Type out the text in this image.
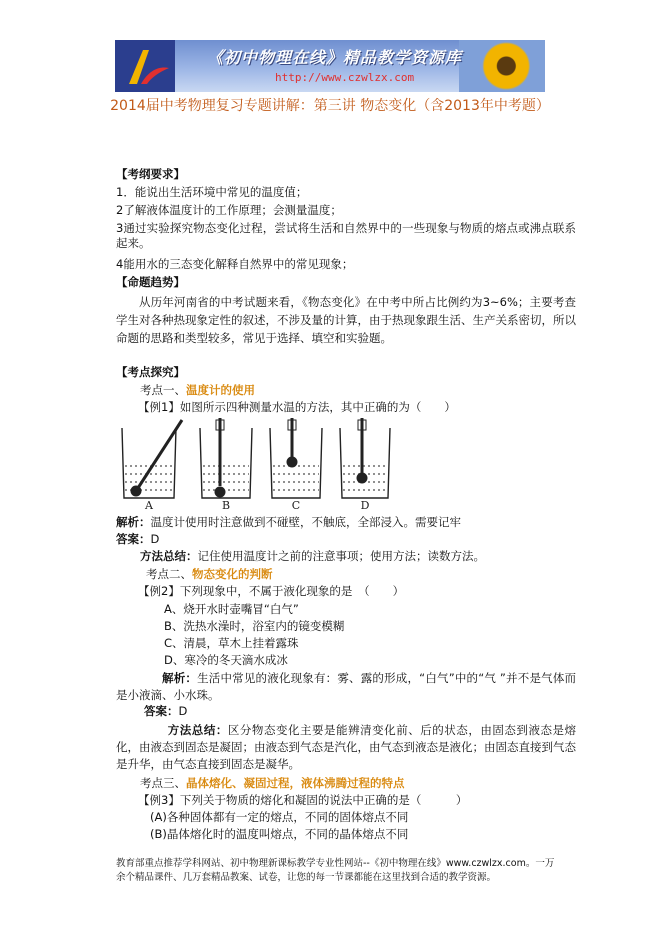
《初中物理在线》精品教学资源库
http://www.czwlzx.com
2014届中考物理复习专题讲解：第三讲 物态变化（含2013年中考题）
【考纲要求】
1．能说出生活环境中常见的温度值；
2了解液体温度计的工作原理；会测量温度；
3通过实验探究物态变化过程，尝试将生活和自然界中的一些现象与物质的熔点或沸点联系起来。
4能用水的三态变化解释自然界中的常见现象；
【命题趋势】
从历年河南省的中考试题来看，《物态变化》在中考中所占比例约为3~6%；主要考查学生对各种热现象定性的叙述，不涉及量的计算，由于热现象跟生活、生产关系密切，所以命题的思路和类型较多，常见于选择、填空和实验题。
【考点探究】
考点一、温度计的使用
【例1】如图所示四种测量水温的方法，其中正确的为（　　）
A	B	C	D
解析：温度计使用时注意做到不碰壁，不触底，全部浸入。需要记牢
答案：D
方法总结：记住使用温度计之前的注意事项；使用方法；读数方法。
考点二、物态变化的判断
【例2】下列现象中，不属于液化现象的是　（　　）
A、烧开水时壶嘴冒“白气”
B、洗热水澡时，浴室内的镜变模糊
C、清晨，草木上挂着露珠
D、寒冷的冬天滴水成冰
解析：生活中常见的液化现象有：雾、露的形成，“白气”中的“气 ”并不是气体而是小液滴、小水珠。
答案：D
方法总结：区分物态变化主要是能辨清变化前、后的状态，由固态到液态是熔化，由液态到固态是凝固；由液态到气态是汽化，由气态到液态是液化；由固态直接到气态是升华，由气态直接到固态是凝华。
考点三、晶体熔化、凝固过程，液体沸腾过程的特点
【例3】下列关于物质的熔化和凝固的说法中正确的是（　　　）
(A)各种固体都有一定的熔点，不同的固体熔点不同
(B)晶体熔化时的温度叫熔点，不同的晶体熔点不同
教育部重点推荐学科网站、初中物理新课标教学专业性网站--《初中物理在线》www.czwlzx.com。一万余个精品课件、几万套精品教案、试卷，让您的每一节课都能在这里找到合适的教学资源。
